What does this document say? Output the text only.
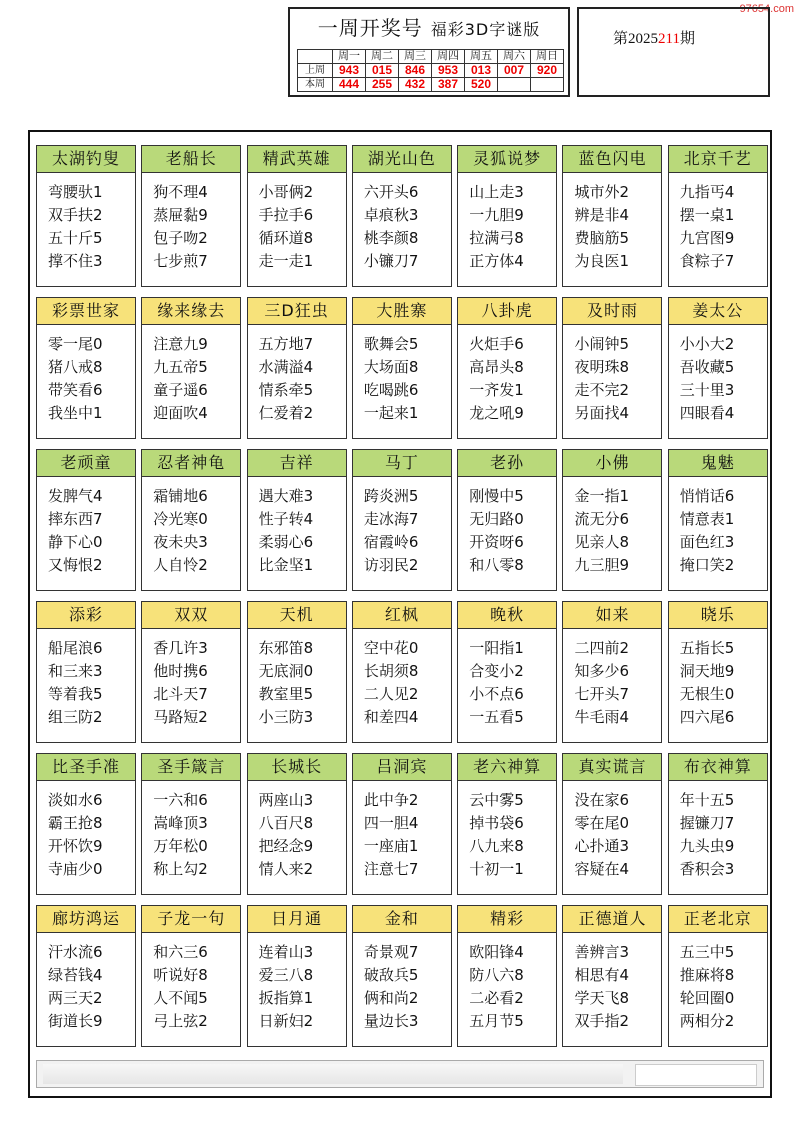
97654.com
一周开奖号 福彩3D字谜版
	周一	周二	周三	周四	周五	周六	周日
上周	943	015	846	953	013	007	920
本周	444	255	432	387	520		
第2025211期
太湖钓叟
弯腰驮1
双手扶2
五十斤5
撑不住3
老船长
狗不理4
蒸屉黏9
包子吻2
七步煎7
精武英雄
小哥俩2
手拉手6
循环道8
走一走1
湖光山色
六开头6
卓痕秋3
桃李颜8
小镰刀7
灵狐说梦
山上走3
一九胆9
拉满弓8
正方体4
蓝色闪电
城市外2
辨是非4
费脑筋5
为良医1
北京千艺
九指丐4
摆一桌1
九宫图9
食粽子7
彩票世家
零一尾0
猪八戒8
带笑看6
我坐中1
缘来缘去
注意九9
九五帝5
童子遥6
迎面吹4
三D狂虫
五方地7
水满溢4
情系牵5
仁爱着2
大胜寨
歌舞会5
大场面8
吃喝跳6
一起来1
八卦虎
火炬手6
高昂头8
一齐发1
龙之吼9
及时雨
小闹钟5
夜明珠8
走不完2
另面找4
姜太公
小小大2
吾收藏5
三十里3
四眼看4
老顽童
发脾气4
摔东西7
静下心0
又悔恨2
忍者神龟
霜铺地6
冷光寒0
夜未央3
人自怜2
吉祥
遇大难3
性子转4
柔弱心6
比金坚1
马丁
跨炎洲5
走冰海7
宿霞岭6
访羽民2
老孙
刚慢中5
无归路0
开资呀6
和八零8
小佛
金一指1
流无分6
见亲人8
九三胆9
鬼魅
悄悄话6
情意表1
面色红3
掩口笑2
添彩
船尾浪6
和三来3
等着我5
组三防2
双双
香几许3
他时携6
北斗天7
马路短2
天机
东邪笛8
无底洞0
教室里5
小三防3
红枫
空中花0
长胡须8
二人见2
和差四4
晚秋
一阳指1
合变小2
小不点6
一五看5
如来
二四前2
知多少6
七开头7
牛毛雨4
晓乐
五指长5
洞天地9
无根生0
四六尾6
比圣手准
淡如水6
霸王抢8
开怀饮9
寺庙少0
圣手箴言
一六和6
嵩峰顶3
万年松0
称上勾2
长城长
两座山3
八百尺8
把经念9
情人来2
吕洞宾
此中争2
四一胆4
一座庙1
注意七7
老六神算
云中雾5
掉书袋6
八九来8
十初一1
真实谎言
没在家6
零在尾0
心扑通3
容疑在4
布衣神算
年十五5
握镰刀7
九头虫9
香积会3
廊坊鸿运
汗水流6
绿苔钱4
两三天2
街道长9
子龙一句
和六三6
听说好8
人不闻5
弓上弦2
日月通
连着山3
爱三八8
扳指算1
日新妇2
金和
奇景观7
破敌兵5
俩和尚2
量边长3
精彩
欧阳锋4
防八六8
二必看2
五月节5
正德道人
善辨言3
相思有4
学天飞8
双手指2
正老北京
五三中5
推麻将8
轮回圈0
两相分2
